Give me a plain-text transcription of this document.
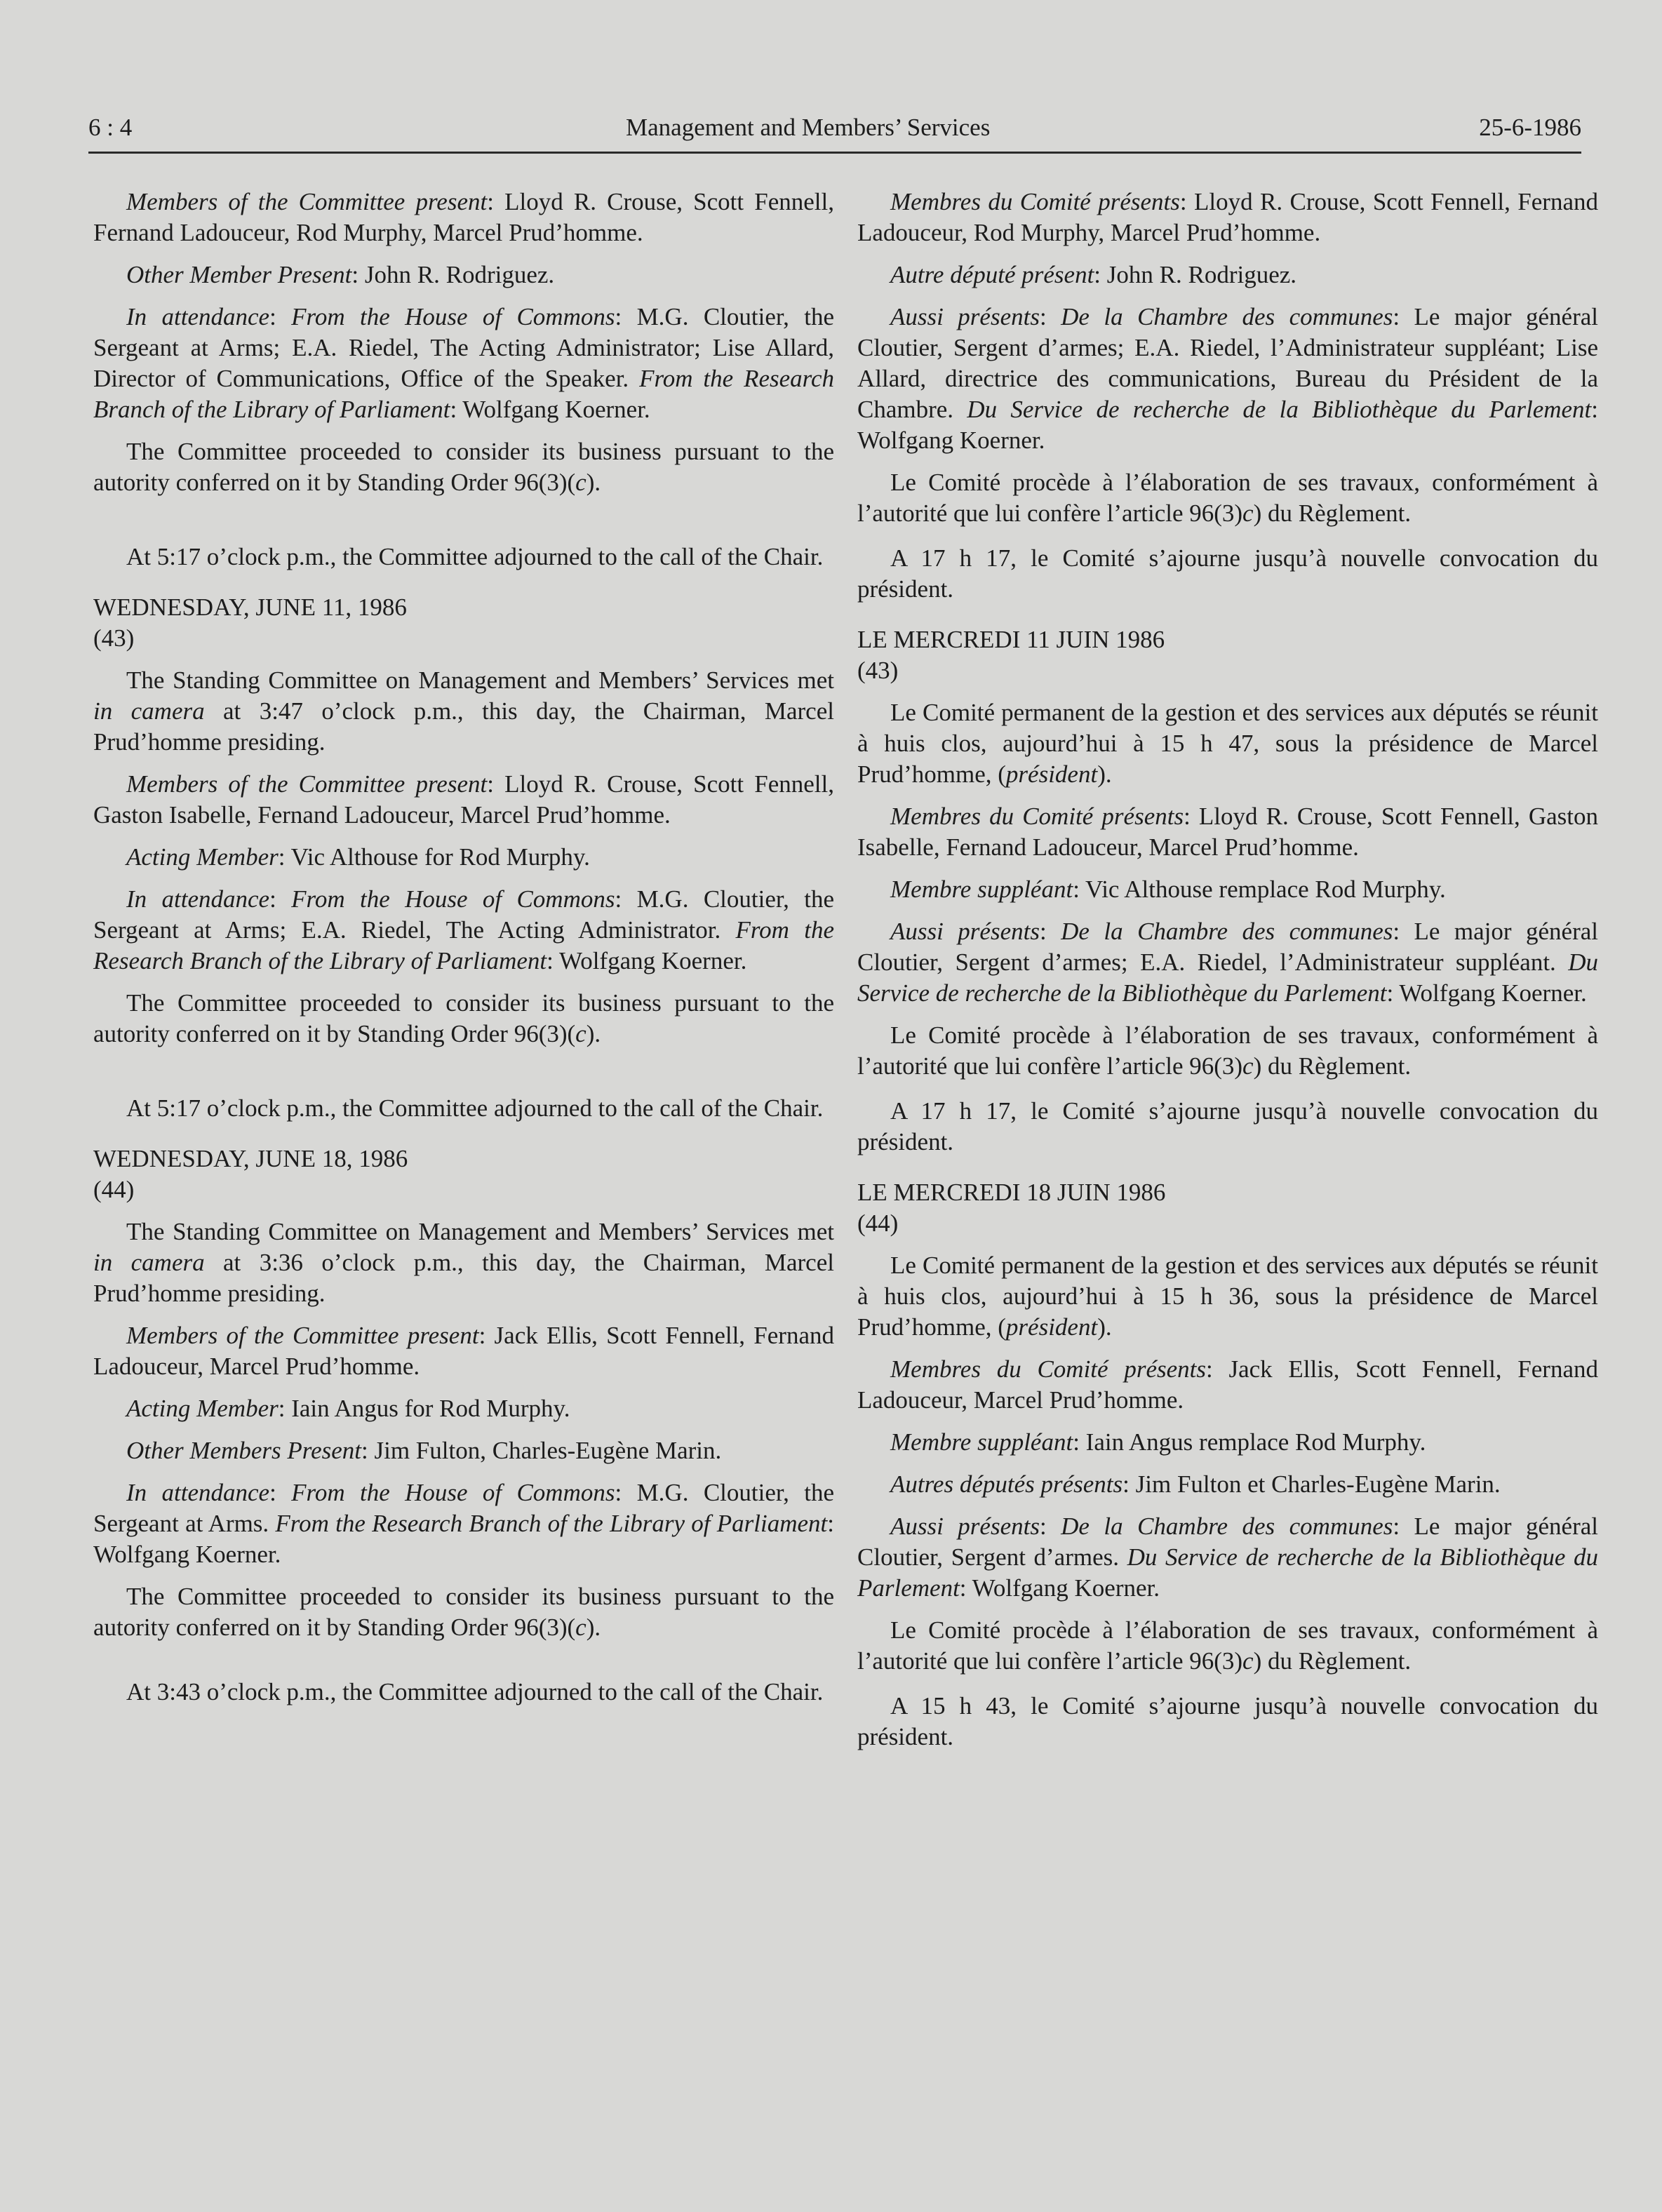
6 : 4	Management and Members’ Services	25-6-1986

Members of the Committee present: Lloyd R. Crouse, Scott Fennell, Fernand Ladouceur, Rod Murphy, Marcel Prud’homme.

Other Member Present: John R. Rodriguez.

In attendance: From the House of Commons: M.G. Cloutier, the Sergeant at Arms; E.A. Riedel, The Acting Administrator; Lise Allard, Director of Communications, Office of the Speaker. From the Research Branch of the Library of Parliament: Wolfgang Koerner.

The Committee proceeded to consider its business pursuant to the autority conferred on it by Standing Order 96(3)(c).

At 5:17 o’clock p.m., the Committee adjourned to the call of the Chair.

WEDNESDAY, JUNE 11, 1986
(43)

The Standing Committee on Management and Members’ Services met in camera at 3:47 o’clock p.m., this day, the Chairman, Marcel Prud’homme presiding.

Members of the Committee present: Lloyd R. Crouse, Scott Fennell, Gaston Isabelle, Fernand Ladouceur, Marcel Prud’homme.

Acting Member: Vic Althouse for Rod Murphy.

In attendance: From the House of Commons: M.G. Cloutier, the Sergeant at Arms; E.A. Riedel, The Acting Administrator. From the Research Branch of the Library of Parliament: Wolfgang Koerner.

The Committee proceeded to consider its business pursuant to the autority conferred on it by Standing Order 96(3)(c).

At 5:17 o’clock p.m., the Committee adjourned to the call of the Chair.

WEDNESDAY, JUNE 18, 1986
(44)

The Standing Committee on Management and Members’ Services met in camera at 3:36 o’clock p.m., this day, the Chairman, Marcel Prud’homme presiding.

Members of the Committee present: Jack Ellis, Scott Fennell, Fernand Ladouceur, Marcel Prud’homme.

Acting Member: Iain Angus for Rod Murphy.

Other Members Present: Jim Fulton, Charles-Eugène Marin.

In attendance: From the House of Commons: M.G. Cloutier, the Sergeant at Arms. From the Research Branch of the Library of Parliament: Wolfgang Koerner.

The Committee proceeded to consider its business pursuant to the autority conferred on it by Standing Order 96(3)(c).

At 3:43 o’clock p.m., the Committee adjourned to the call of the Chair.

Membres du Comité présents: Lloyd R. Crouse, Scott Fennell, Fernand Ladouceur, Rod Murphy, Marcel Prud’homme.

Autre député présent: John R. Rodriguez.

Aussi présents: De la Chambre des communes: Le major général Cloutier, Sergent d’armes; E.A. Riedel, l’Administrateur suppléant; Lise Allard, directrice des communications, Bureau du Président de la Chambre. Du Service de recherche de la Bibliothèque du Parlement: Wolfgang Koerner.

Le Comité procède à l’élaboration de ses travaux, conformément à l’autorité que lui confère l’article 96(3)c) du Règlement.

A 17 h 17, le Comité s’ajourne jusqu’à nouvelle convocation du président.

LE MERCREDI 11 JUIN 1986
(43)

Le Comité permanent de la gestion et des services aux députés se réunit à huis clos, aujourd’hui à 15 h 47, sous la présidence de Marcel Prud’homme, (président).

Membres du Comité présents: Lloyd R. Crouse, Scott Fennell, Gaston Isabelle, Fernand Ladouceur, Marcel Prud’homme.

Membre suppléant: Vic Althouse remplace Rod Murphy.

Aussi présents: De la Chambre des communes: Le major général Cloutier, Sergent d’armes; E.A. Riedel, l’Administrateur suppléant. Du Service de recherche de la Bibliothèque du Parlement: Wolfgang Koerner.

Le Comité procède à l’élaboration de ses travaux, conformément à l’autorité que lui confère l’article 96(3)c) du Règlement.

A 17 h 17, le Comité s’ajourne jusqu’à nouvelle convocation du président.

LE MERCREDI 18 JUIN 1986
(44)

Le Comité permanent de la gestion et des services aux députés se réunit à huis clos, aujourd’hui à 15 h 36, sous la présidence de Marcel Prud’homme, (président).

Membres du Comité présents: Jack Ellis, Scott Fennell, Fernand Ladouceur, Marcel Prud’homme.

Membre suppléant: Iain Angus remplace Rod Murphy.

Autres députés présents: Jim Fulton et Charles-Eugène Marin.

Aussi présents: De la Chambre des communes: Le major général Cloutier, Sergent d’armes. Du Service de recherche de la Bibliothèque du Parlement: Wolfgang Koerner.

Le Comité procède à l’élaboration de ses travaux, conformément à l’autorité que lui confère l’article 96(3)c) du Règlement.

A 15 h 43, le Comité s’ajourne jusqu’à nouvelle convocation du président.
